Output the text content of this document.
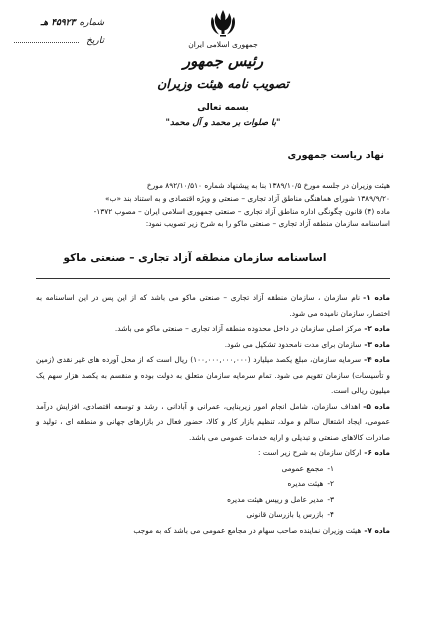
شماره
۴۵۹۲۳ هـ
تاریخ	جمهوری اسلامی ایران
رئیس جمهور
تصویب نامه هیئت وزیران
بسمه تعالی
"با صلوات بر محمد و آل محمد"
نهاد ریاست جمهوری

هیئت وزیران در جلسه مورخ ۱۳۸۹/۱۰/۵ بنا به پیشنهاد شماره ۸۹۲/۱۰/۵۱۰ مورخ

۱۳۸۹/۹/۲۰ شورای هماهنگی مناطق آزاد تجاری – صنعتی و ویژه اقتصادی و به استناد بند «ب»

ماده (۴) قانون چگونگی اداره مناطق آزاد تجاری – صنعتی جمهوری اسلامی ایران – مصوب ۱۳۷۲-

اساسنامه سازمان منطقه آزاد تجاری – صنعتی ماکو را به شرح زیر تصویب نمود:

اساسنامه سازمان منطقه آزاد تجاری – صنعتی ماکو

ماده ۱-نام سازمان ، سازمان منطقه آزاد تجاری – صنعتی ماکو می باشد که از این پس در این اساسنامه به اختصار، سازمان نامیده می شود.

ماده ۲-مرکز اصلی سازمان در داخل محدوده منطقه آزاد تجاری – صنعتی ماکو می باشد.

ماده ۳-سازمان برای مدت نامحدود تشکیل می شود.

ماده ۴-سرمایه سازمان، مبلغ یکصد میلیارد (۱۰۰,۰۰۰,۰۰۰,۰۰۰) ریال است که از محل آورده های غیر نقدی (زمین و تأسیسات) سازمان تقویم می شود. تمام سرمایه سازمان متعلق به دولت بوده و منقسم به یکصد هزار سهم یک میلیون ریالی است.

ماده ۵-اهداف سازمان، شامل انجام امور زیربنایی، عمرانی و آبادانی ، رشد و توسعه اقتصادی، افزایش درآمد عمومی، ایجاد اشتغال سالم و مولد، تنظیم بازار کار و کالا، حضور فعال در بازارهای جهانی و منطقه ای ، تولید و صادرات کالاهای صنعتی و تبدیلی و ارایه خدمات عمومی می باشد.

ماده ۶-ارکان سازمان به شرح زیر است :

۱-مجمع عمومی
۲-هیئت مدیره
۳-مدیر عامل و رییس هیئت مدیره
۴-بازرس یا بازرسان قانونی

ماده ۷-هیئت وزیران نماینده صاحب سهام در مجامع عمومی می باشد که به موجب
